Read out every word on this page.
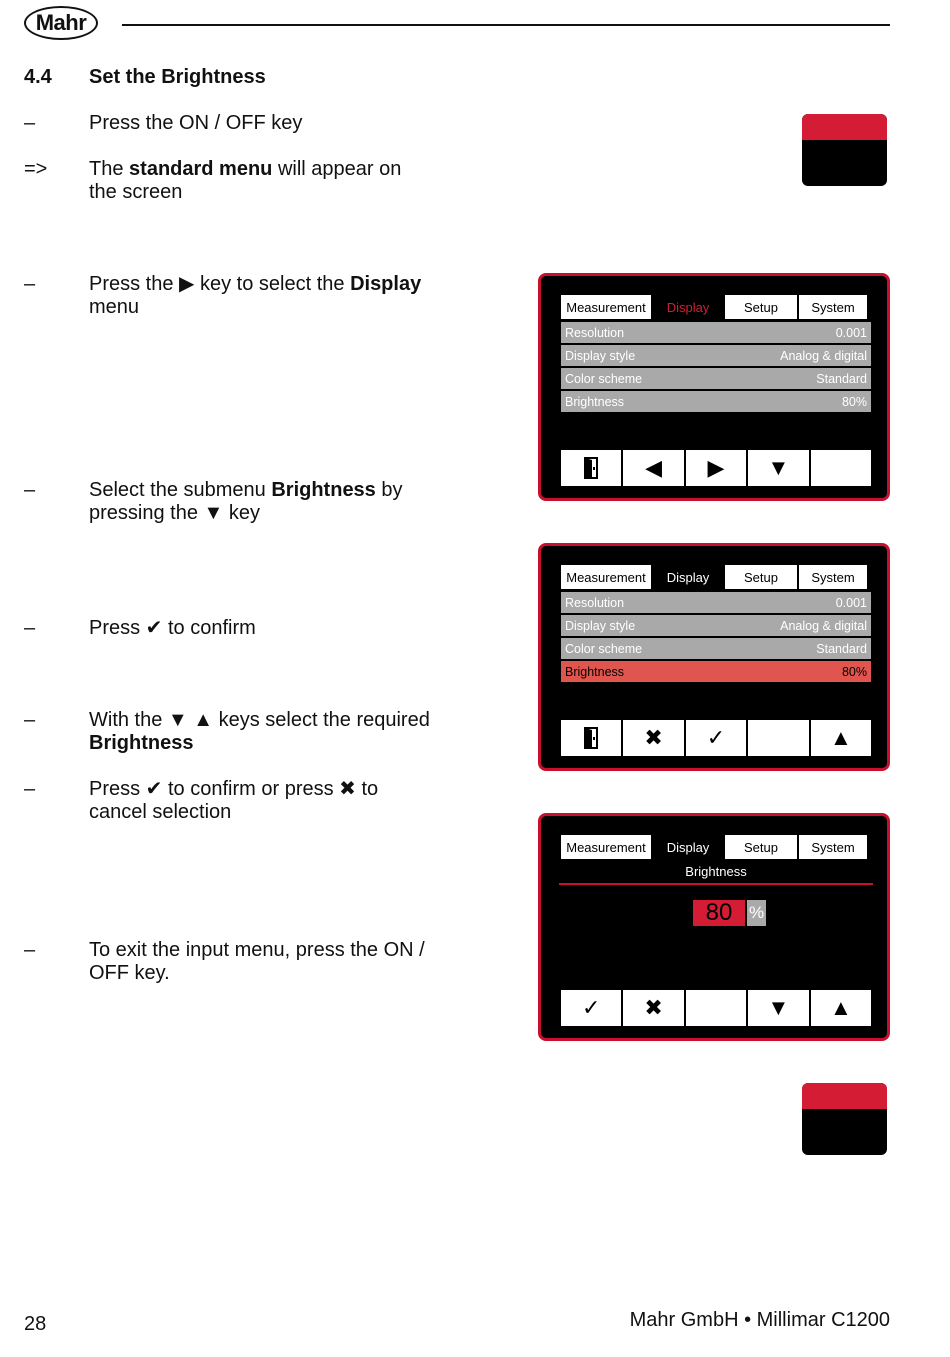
Mahr
4.4 Set the Brightness
–	Press the ON / OFF key
=> The standard menu will appear on the screen
–	Press the ▶ key to select the Display menu
–	Select the submenu Brightness by pressing the ▼ key
–	Press ✔ to confirm
–	With the ▼ ▲ keys select the required Brightness
–	Press ✔ to confirm or press ✖ to cancel selection
–	To exit the input menu, press the ON / OFF key.
Measurement	Display	Setup	System
Resolution	0.001
Display style	Analog & digital
Color scheme	Standard
Brightness	80%
◀	▶	▼
Measurement	Display	Setup	System
Resolution	0.001
Display style	Analog & digital
Color scheme	Standard
Brightness	80%
✖	✓	▲
Measurement	Display	Setup	System
Brightness
80 %
✓	✖	▼	▲
28	Mahr GmbH • Millimar C1200
